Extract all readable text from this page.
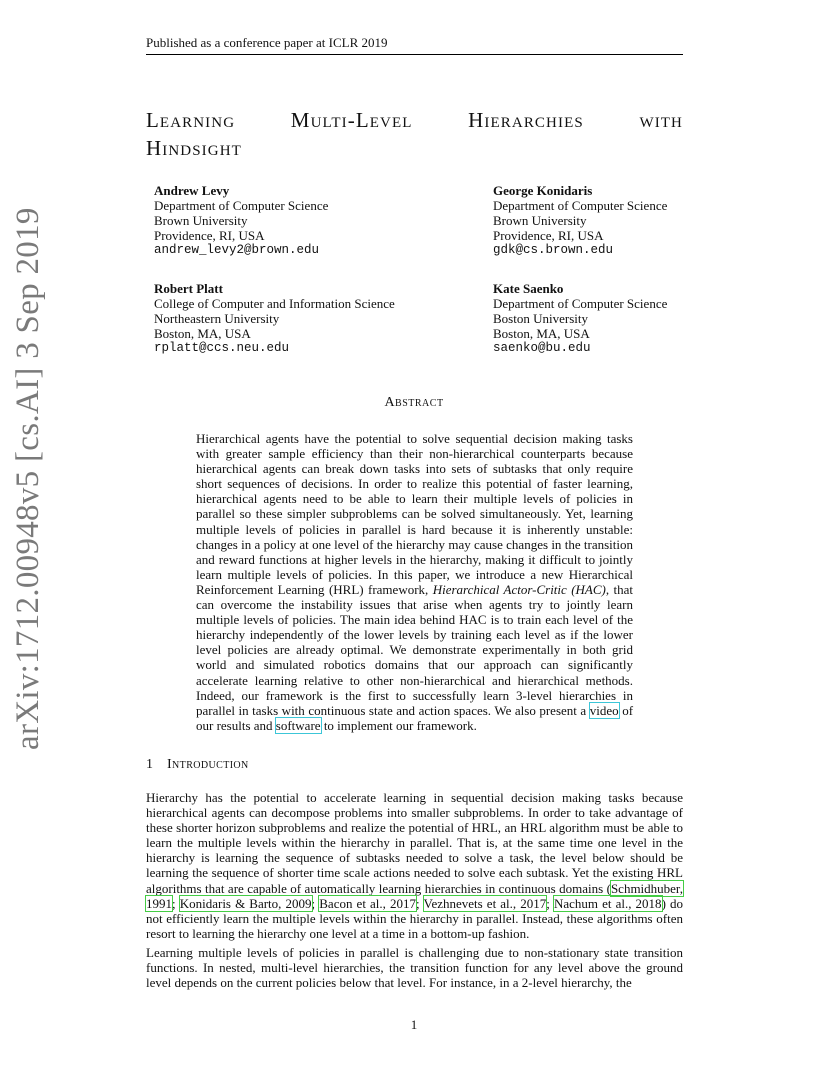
Published as a conference paper at ICLR 2019
arXiv:1712.00948v5 [cs.AI] 3 Sep 2019
Learning Multi-Level Hierarchies with
Hindsight
Andrew Levy
Department of Computer Science
Brown University
Providence, RI, USA
andrew_levy2@brown.edu
George Konidaris
Department of Computer Science
Brown University
Providence, RI, USA
gdk@cs.brown.edu
Robert Platt
College of Computer and Information Science
Northeastern University
Boston, MA, USA
rplatt@ccs.neu.edu
Kate Saenko
Department of Computer Science
Boston University
Boston, MA, USA
saenko@bu.edu
Abstract
Hierarchical agents have the potential to solve sequential decision making tasks with greater sample efficiency than their non-hierarchical counterparts because hierarchical agents can break down tasks into sets of subtasks that only require short sequences of decisions. In order to realize this potential of faster learning, hierarchical agents need to be able to learn their multiple levels of policies in parallel so these simpler subproblems can be solved simultaneously. Yet, learning multiple levels of policies in parallel is hard because it is inherently unstable: changes in a policy at one level of the hierarchy may cause changes in the transition and reward functions at higher levels in the hierarchy, making it difficult to jointly learn multiple levels of policies. In this paper, we introduce a new Hierarchical Reinforcement Learning (HRL) framework, Hierarchical Actor-Critic (HAC), that can overcome the instability issues that arise when agents try to jointly learn multiple levels of policies. The main idea behind HAC is to train each level of the hierarchy independently of the lower levels by training each level as if the lower level policies are already optimal. We demonstrate experimentally in both grid world and simulated robotics domains that our approach can significantly accelerate learning relative to other non-hierarchical and hierarchical methods. Indeed, our framework is the first to successfully learn 3-level hierarchies in parallel in tasks with continuous state and action spaces. We also present a video of our results and software to implement our framework.
1 Introduction
Hierarchy has the potential to accelerate learning in sequential decision making tasks because hierarchical agents can decompose problems into smaller subproblems. In order to take advantage of these shorter horizon subproblems and realize the potential of HRL, an HRL algorithm must be able to learn the multiple levels within the hierarchy in parallel. That is, at the same time one level in the hierarchy is learning the sequence of subtasks needed to solve a task, the level below should be learning the sequence of shorter time scale actions needed to solve each subtask. Yet the existing HRL algorithms that are capable of automatically learning hierarchies in continuous domains (Schmidhuber, 1991; Konidaris & Barto, 2009; Bacon et al., 2017; Vezhnevets et al., 2017; Nachum et al., 2018) do not efficiently learn the multiple levels within the hierarchy in parallel. Instead, these algorithms often resort to learning the hierarchy one level at a time in a bottom-up fashion.
Learning multiple levels of policies in parallel is challenging due to non-stationary state transition functions. In nested, multi-level hierarchies, the transition function for any level above the ground level depends on the current policies below that level. For instance, in a 2-level hierarchy, the
1
